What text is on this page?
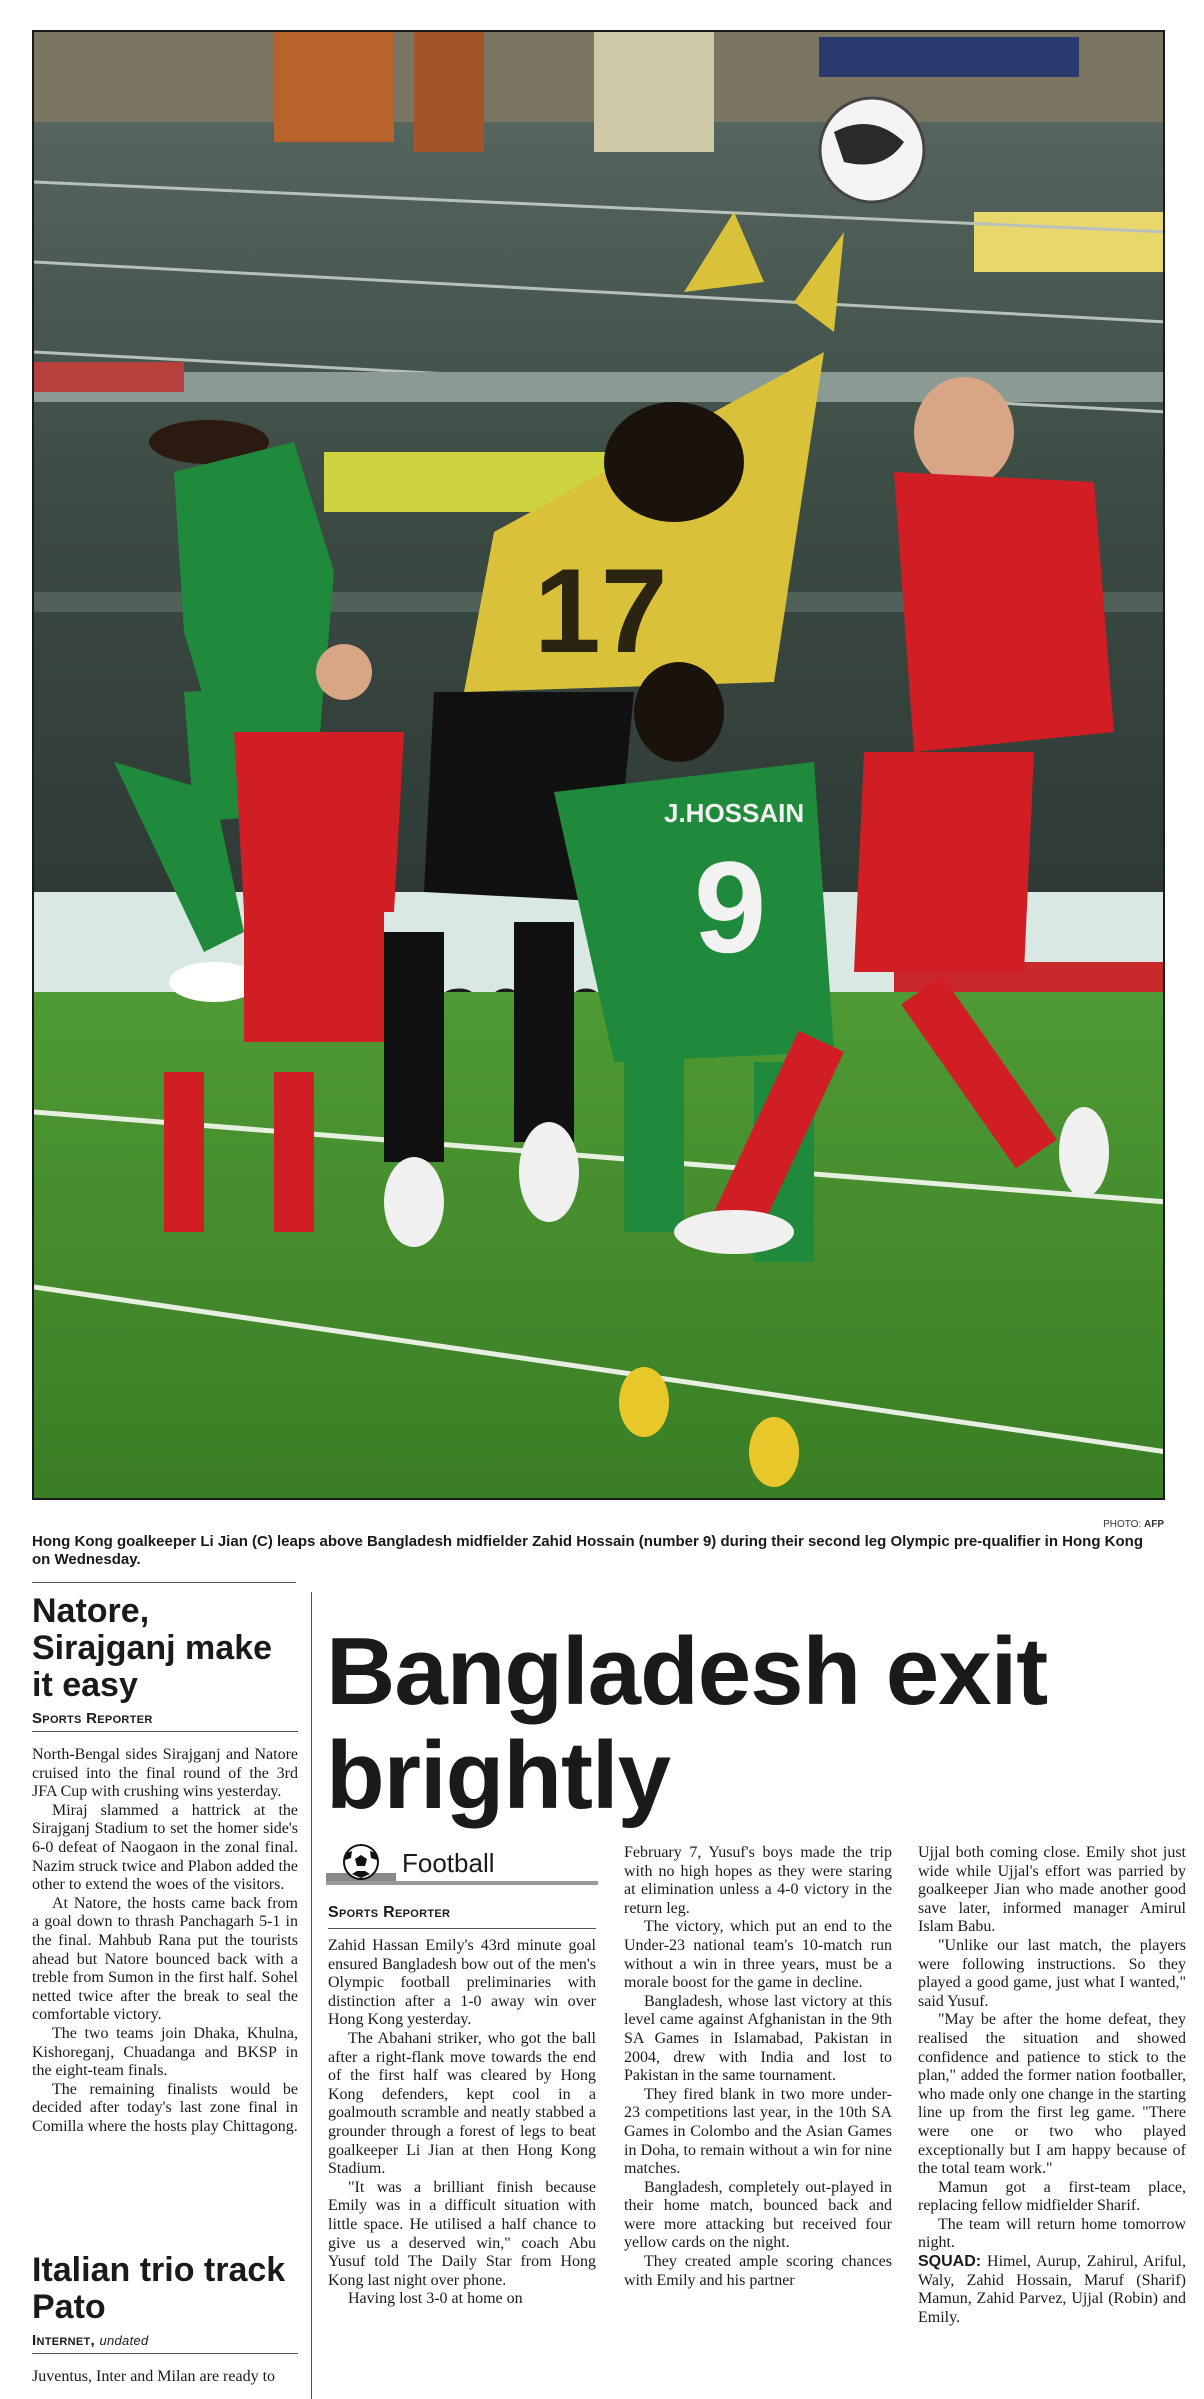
17
J.HOSSAIN
9
PHOTO: AFP
Hong Kong goalkeeper Li Jian (C) leaps above Bangladesh midfielder Zahid Hossain (number 9) during their second leg Olympic pre-qualifier in Hong Kong on Wednesday.
Natore, Sirajganj make it easy
Sports Reporter

North-Bengal sides Sirajganj and Natore cruised into the final round of the 3rd JFA Cup with crushing wins yesterday.

Miraj slammed a hattrick at the Sirajganj Stadium to set the homer side's 6-0 defeat of Naogaon in the zonal final. Nazim struck twice and Plabon added the other to extend the woes of the visitors.

At Natore, the hosts came back from a goal down to thrash Panchagarh 5-1 in the final. Mahbub Rana put the tourists ahead but Natore bounced back with a treble from Sumon in the first half. Sohel netted twice after the break to seal the comfortable victory.

The two teams join Dhaka, Khulna, Kishoreganj, Chuadanga and BKSP in the eight-team finals.

The remaining finalists would be decided after today's last zone final in Comilla where the hosts play Chittagong.

Italian trio track Pato
Internet, undated

Juventus, Inter and Milan are ready to

Bangladesh exit
brightly
Football
Sports Reporter

Zahid Hassan Emily's 43rd minute goal ensured Bangladesh bow out of the men's Olympic football preliminaries with distinction after a 1-0 away win over Hong Kong yesterday.

The Abahani striker, who got the ball after a right-flank move towards the end of the first half was cleared by Hong Kong defenders, kept cool in a goalmouth scramble and neatly stabbed a grounder through a forest of legs to beat goalkeeper Li Jian at then Hong Kong Stadium.

"It was a brilliant finish because Emily was in a difficult situation with little space. He utilised a half chance to give us a deserved win," coach Abu Yusuf told The Daily Star from Hong Kong last night over phone.

Having lost 3-0 at home on

February 7, Yusuf's boys made the trip with no high hopes as they were staring at elimination unless a 4-0 victory in the return leg.

The victory, which put an end to the Under-23 national team's 10-match run without a win in three years, must be a morale boost for the game in decline.

Bangladesh, whose last victory at this level came against Afghanistan in the 9th SA Games in Islamabad, Pakistan in 2004, drew with India and lost to Pakistan in the same tournament.

They fired blank in two more under-23 competitions last year, in the 10th SA Games in Colombo and the Asian Games in Doha, to remain without a win for nine matches.

Bangladesh, completely out-played in their home match, bounced back and were more attacking but received four yellow cards on the night.

They created ample scoring chances with Emily and his partner

Ujjal both coming close. Emily shot just wide while Ujjal's effort was parried by goalkeeper Jian who made another good save later, informed manager Amirul Islam Babu.

"Unlike our last match, the players were following instructions. So they played a good game, just what I wanted," said Yusuf.

"May be after the home defeat, they realised the situation and showed confidence and patience to stick to the plan," added the former nation footballer, who made only one change in the starting line up from the first leg game. "There were one or two who played exceptionally but I am happy because of the total team work."

Mamun got a first-team place, replacing fellow midfielder Sharif.

The team will return home tomorrow night.

SQUAD: Himel, Aurup, Zahirul, Ariful, Waly, Zahid Hossain, Maruf (Sharif) Mamun, Zahid Parvez, Ujjal (Robin) and Emily.
